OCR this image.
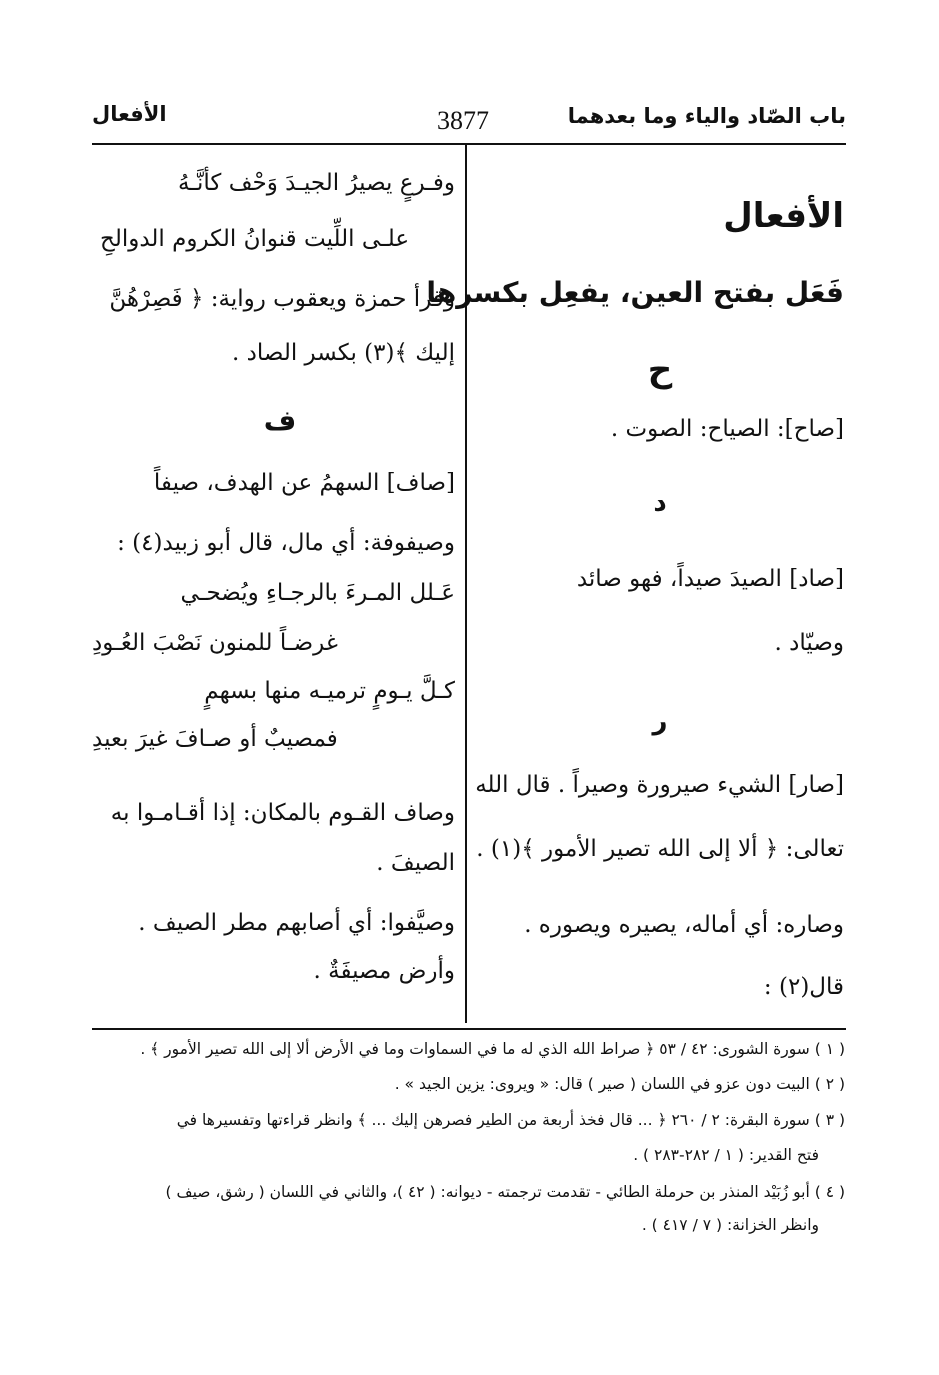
باب الصّاد والياء وما بعدهما
3877
الأفعال
الأفعال
فَعَل بفتح العين، يفعِل بكسرها
ح
[صاح]: الصياح: الصوت .
د
[صاد] الصيدَ صيداً، فهو صائد
وصيّاد .
ر
[صار] الشيء صيرورة وصيراً . قال الله
تعالى: ﴿ ألا إلى الله تصير الأمور ﴾(١) .
وصاره: أي أماله، يصيره ويصوره .
قال(٢) :
وفـرعٍ يصيرُ الجيـدَ وَحْف كأنَّـهُ
علـى اللِّيت قنوانُ الكروم الدوالحِ
وقرأ حمزة ويعقوب رواية: ﴿ فَصِرْهُنَّ
إليك ﴾(٣) بكسر الصاد .
ف
[صاف] السهمُ عن الهدف، صيفاً
وصيفوفة: أي مال، قال أبو زبيد(٤) :
عَـلل المـرءَ بالرجـاءِ ويُضحـي
غرضـاً للمنون نَصْبَ العُـودِ
كـلَّ يـومٍ ترميـه منها بسهمٍ
فمصيبٌ أو صـافَ غيرَ بعيدِ
وصاف القـوم بالمكان: إذا أقـامـوا به
الصيفَ .
وصيَّفوا: أي أصابهم مطر الصيف .
وأرض مصيفَةٌ .
( ١ ) سورة الشورى: ٤٢ / ٥٣ ﴿ صراط الله الذي له ما في السماوات وما في الأرض ألا إلى الله تصير الأمور ﴾ .
( ٢ ) البيت دون عزو في اللسان ( صير ) قال: « ويروى: يزين الجيد » .
( ٣ ) سورة البقرة: ٢ / ٢٦٠ ﴿ ... قال فخذ أربعة من الطير فصرهن إليك ... ﴾ وانظر قراءتها وتفسيرها في
فتح القدير: ( ١ / ٢٨٢-٢٨٣ ) .
( ٤ ) أبو زُبَيْد المنذر بن حرملة الطائي - تقدمت ترجمته - ديوانه: ( ٤٢ )، والثاني في اللسان ( رشق، صيف )
وانظر الخزانة: ( ٧ / ٤١٧ ) .
